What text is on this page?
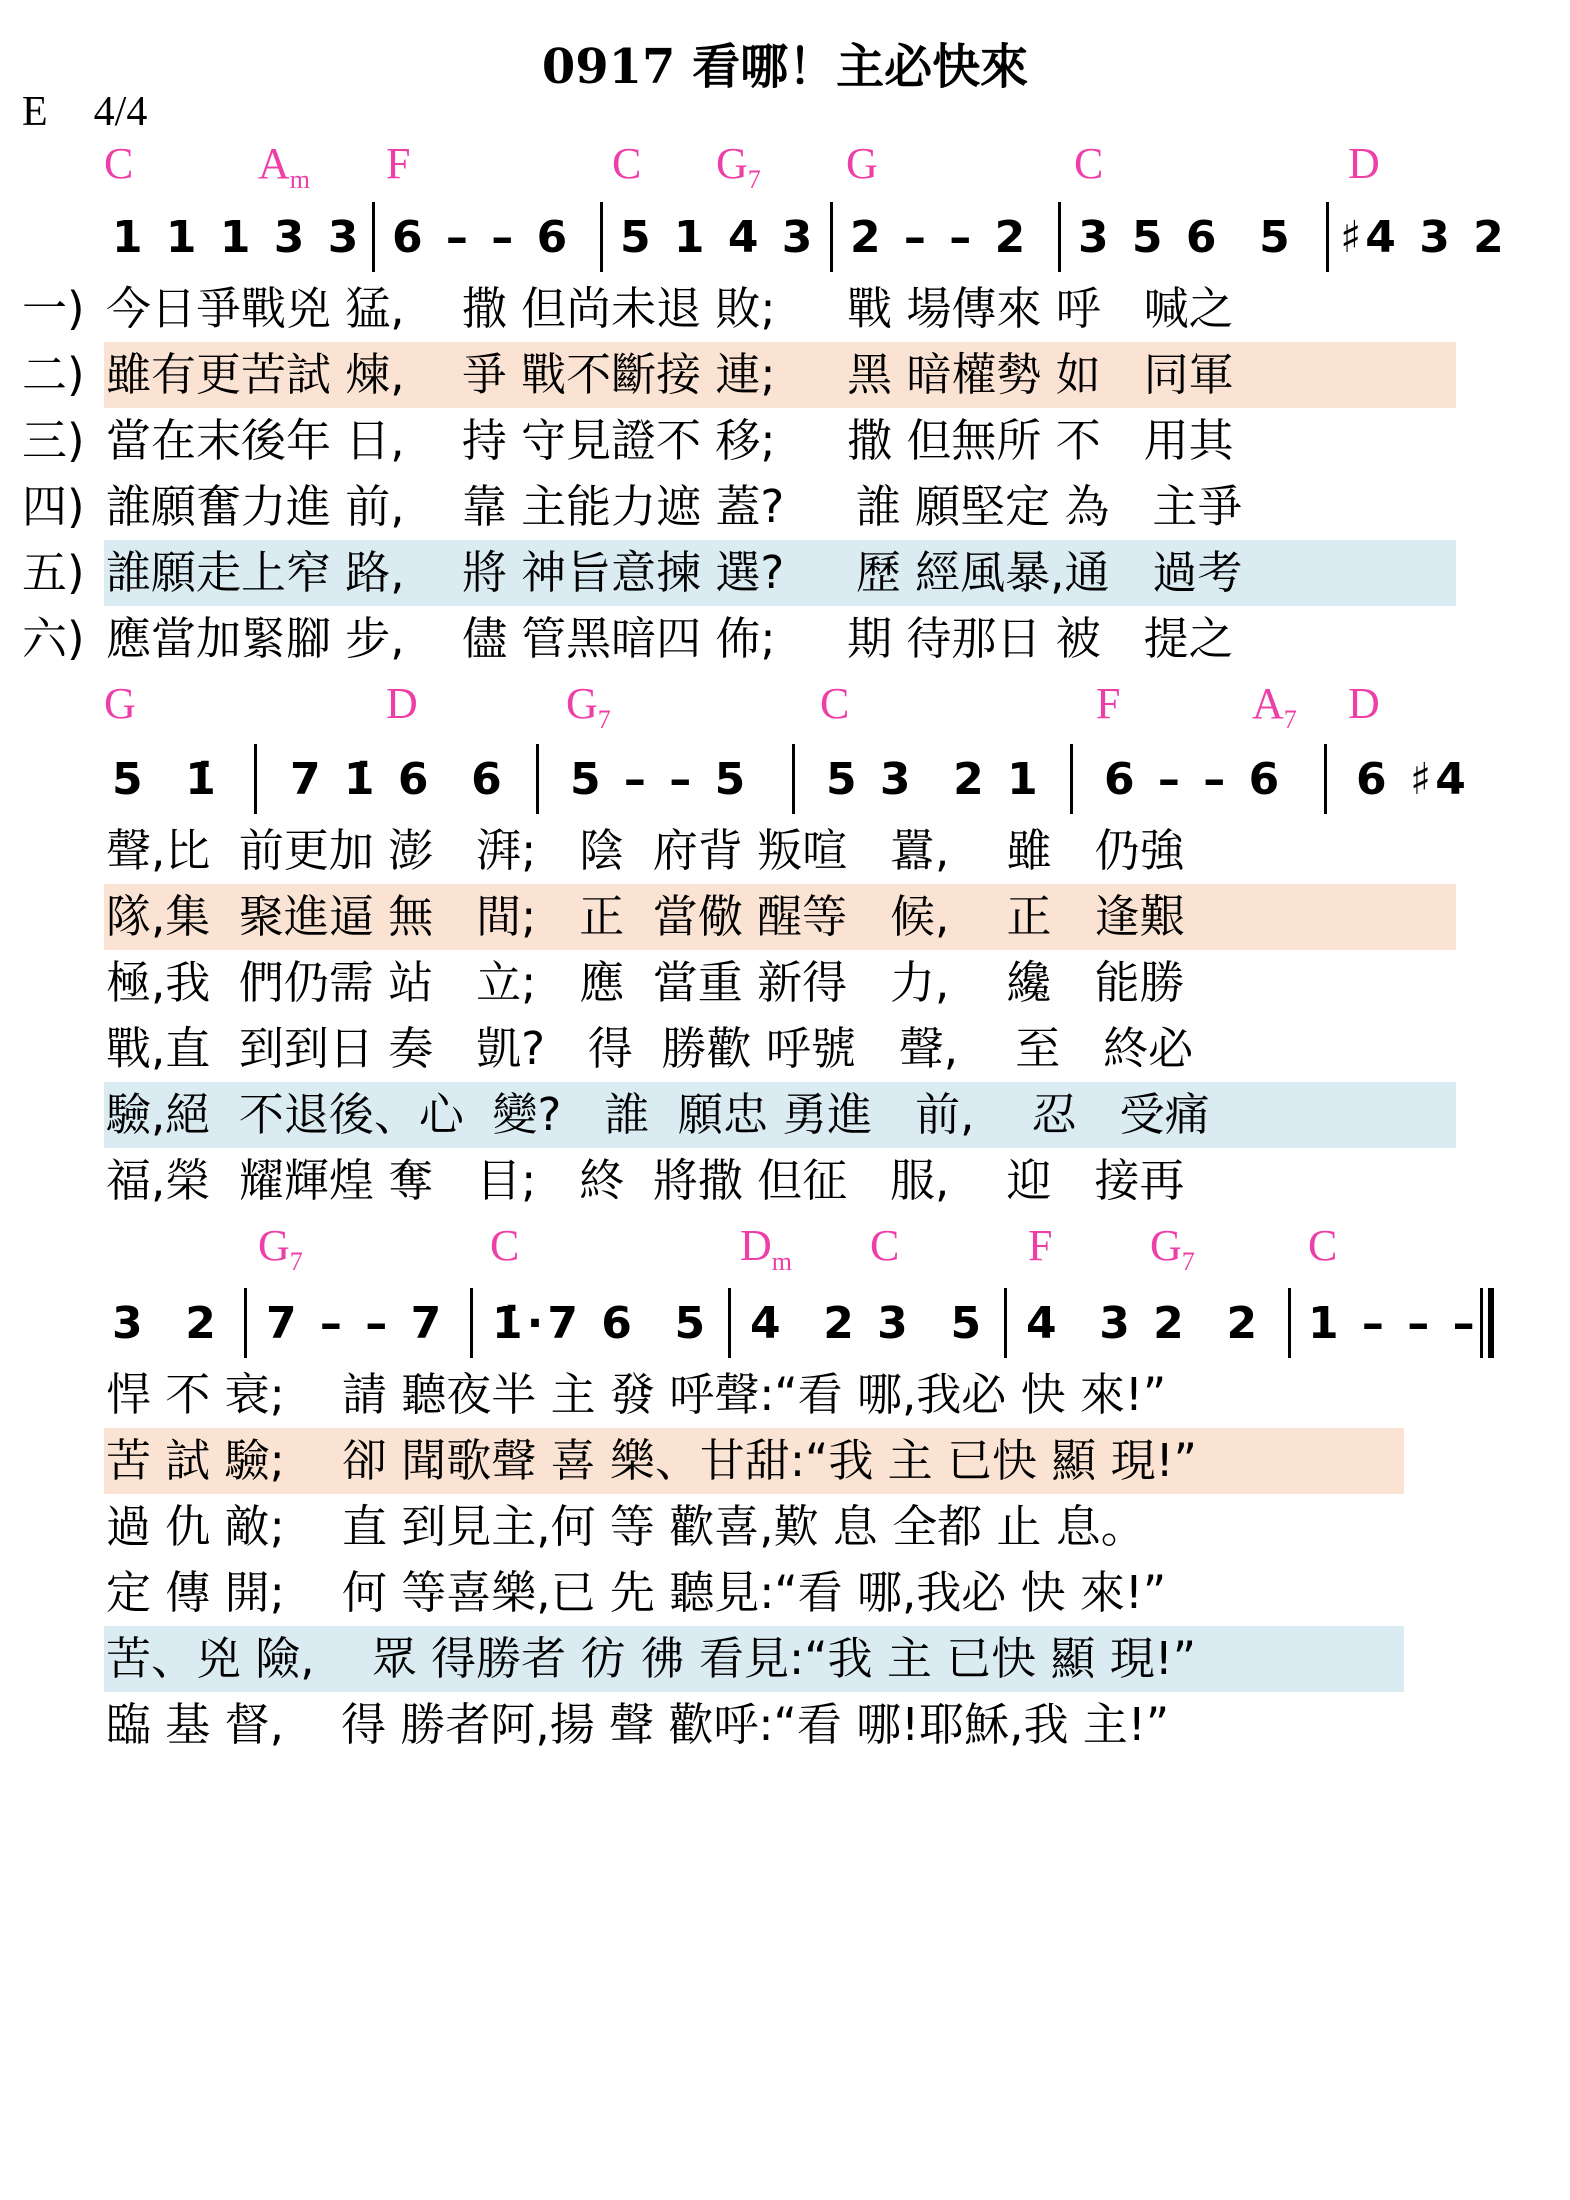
0917 看哪！主必快來
E 4/4
C	$A_m$ F	C $G_7$ G	C	D
1 1 1 3 3 6 – – 6 5 1 4 3 2 – – 2 3 5 6  5 ♯4 3 2
一) 今日爭戰兇 猛,    撒 但尚未退 敗;     戰 場傳來 呼   喊之
二) 雖有更苦試 煉,    爭 戰不斷接 連;     黑 暗權勢 如   同軍
三) 當在末後年 日,    持 守見證不 移;     撒 但無所 不   用其
四) 誰願奮力進 前,    靠 主能力遮 蓋?     誰 願堅定 為   主爭
五) 誰願走上窄 路,    將 神旨意揀 選?     歷 經風暴,通   過考
六) 應當加緊腳 步,    儘 管黑暗四 佈;     期 待那日 被   提之
G	D	$G_7$	C	F	$A_7$ D
5  1̇ 7 1̇ 6  6 5 – – 5 5 3  2 1 6 – – 6 6 ♯4
聲,比  前更加 澎   湃;   陰  府背 叛喧   囂,    雖   仍強
隊,集  聚進逼 無   間;   正  當儆 醒等   候,    正   逢艱
極,我  們仍需 站   立;   應  當重 新得   力,    纔   能勝
戰,直  到到日 奏   凱?   得  勝歡 呼號   聲,    至   終必
驗,絕  不退後、心  變?   誰  願忠 勇進   前,    忍   受痛
福,榮  耀輝煌 奪   目;   終  將撒 但征   服,    迎   接再
$G_7$	C	$D_m$ C	F $G_7$	C
3  2 7 – – 7 1̇·7 6  5 4  2 3  5 4  3 2  2 1 – – –
悍 不 衰;    請 聽夜半 主 發 呼聲:“看 哪,我必 快 來!”
苦 試 驗;    卻 聞歌聲 喜 樂、甘甜:“我 主 已快 顯 現!”
過 仇 敵;    直 到見主,何 等 歡喜,歎 息 全都 止 息。
定 傳 開;    何 等喜樂,已 先 聽見:“看 哪,我必 快 來!”
苦、兇 險,    眾 得勝者 彷 彿 看見:“我 主 已快 顯 現!”
臨 基 督,    得 勝者阿,揚 聲 歡呼:“看 哪!耶穌,我 主!”
